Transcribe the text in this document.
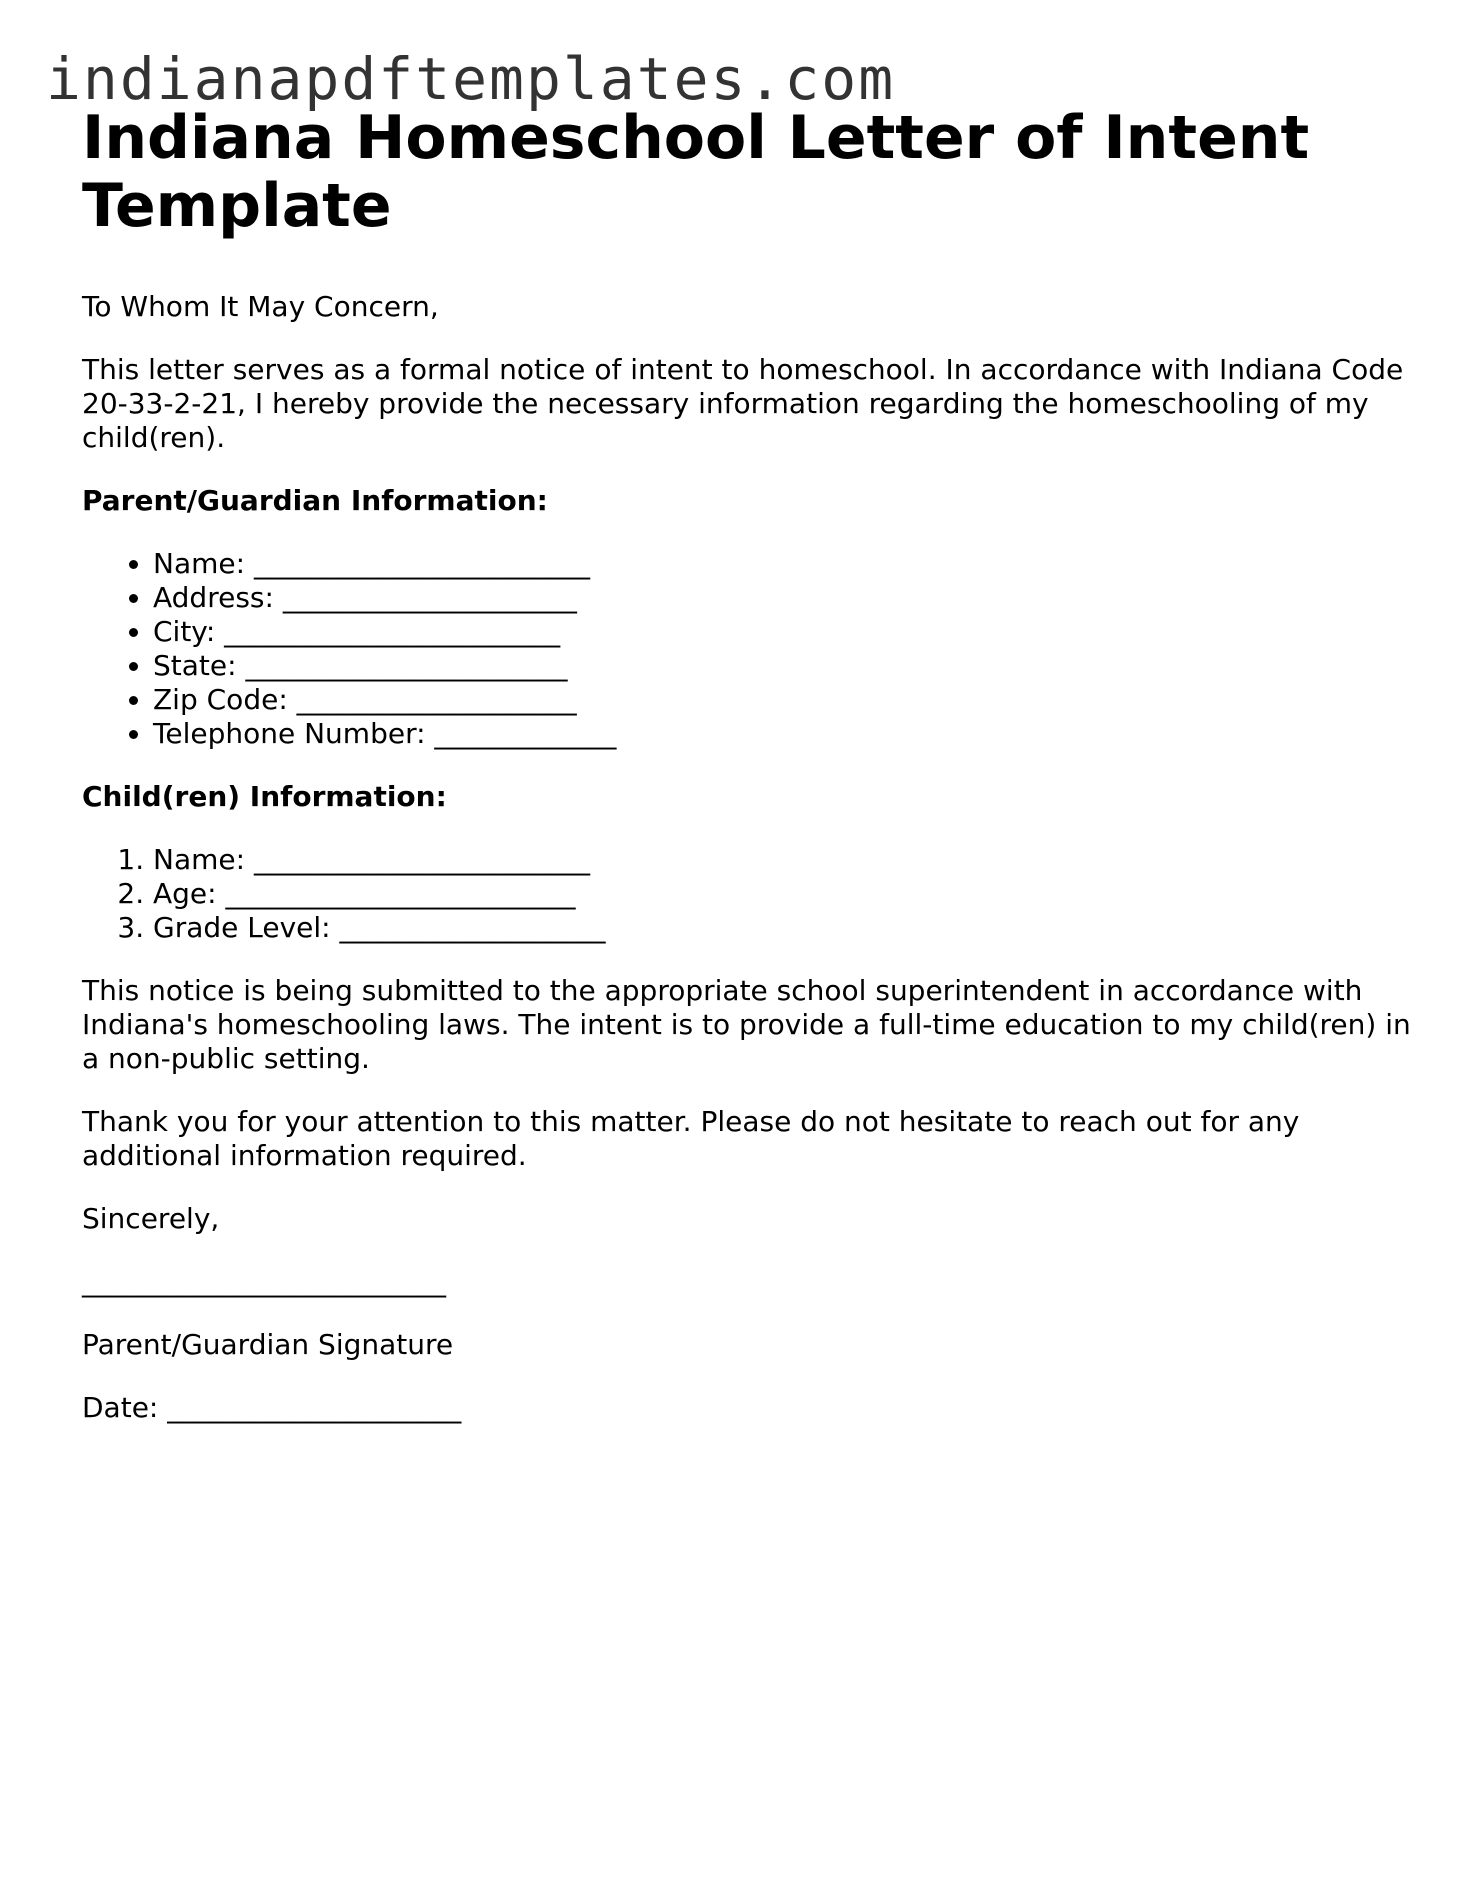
indianapdftemplates.com
Indiana Homeschool Letter of Intent Template

To Whom It May Concern,

This letter serves as a formal notice of intent to homeschool. In accordance with Indiana Code 20-33-2-21, I hereby provide the necessary information regarding the homeschooling of my child(ren).

Parent/Guardian Information:
• Name: ________________________
• Address: _____________________
• City: ________________________
• State: _______________________
• Zip Code: ____________________
• Telephone Number: _____________
Child(ren) Information:
1. Name: ________________________
2. Age: _________________________
3. Grade Level: ___________________

This notice is being submitted to the appropriate school superintendent in accordance with Indiana's homeschooling laws. The intent is to provide a full-time education to my child(ren) in a non-public setting.

Thank you for your attention to this matter. Please do not hesitate to reach out for any additional information required.

Sincerely,

__________________________

Parent/Guardian Signature

Date: _____________________
